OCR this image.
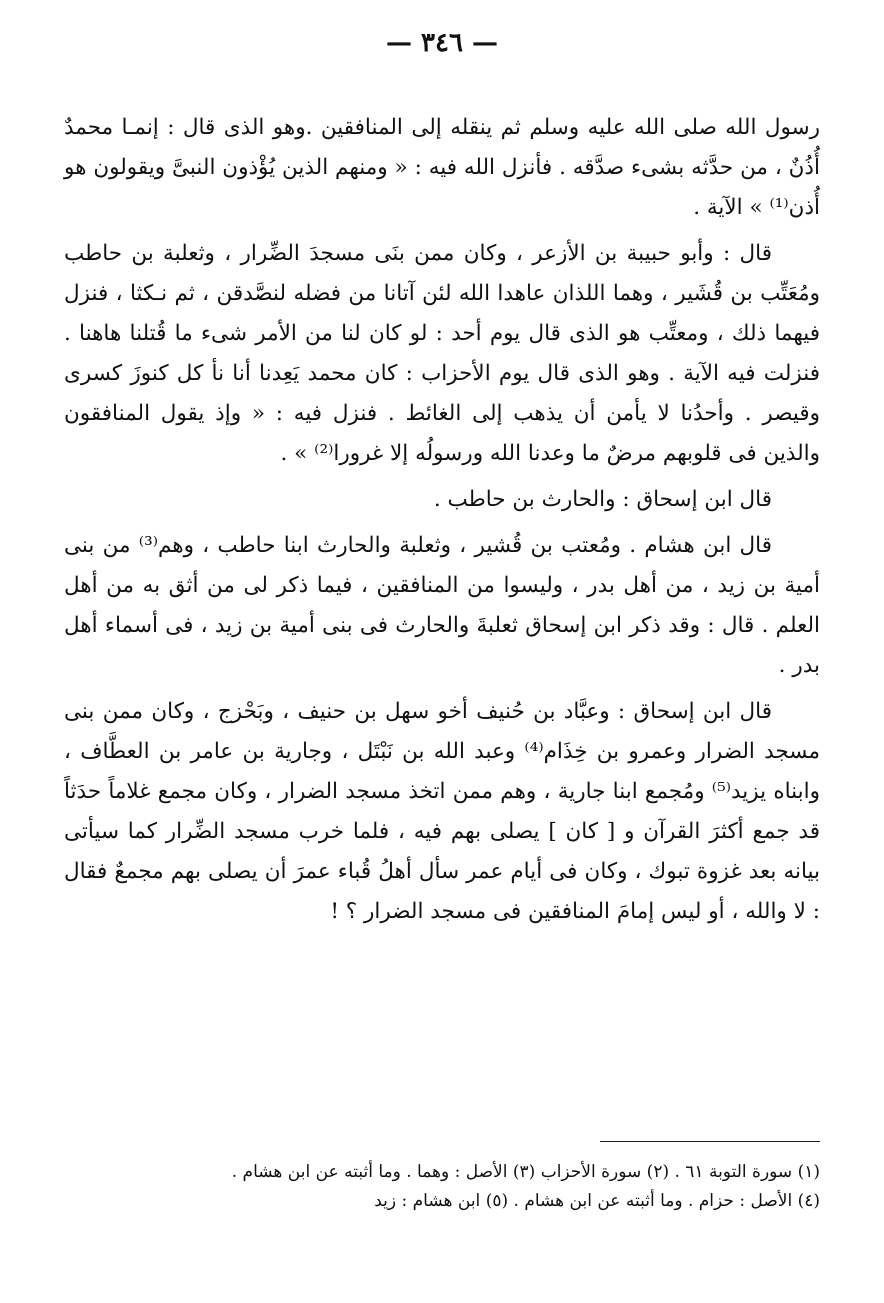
— ٣٤٦ —

رسول الله صلى الله عليه وسلم ثم ينقله إلى المنافقين .وهو الذى قال : إنمـا محمدٌ أُذُنٌ ، من حدَّثه بشىء صدَّقه . فأنزل الله فيه : « ومنهم الذين يُؤْذون النبىَّ ويقولون هو أُذن⁽¹⁾ » الآية .

قال : وأبو حبيبة بن الأزعر ، وكان ممن بنَى مسجدَ الضِّرار ، وثعلبة بن حاطب ومُعَتِّب بن قُشَير ، وهما اللذان عاهدا الله لئن آتانا من فضله لنصَّدقن ، ثم نـكثا ، فنزل فيهما ذلك ، ومعتِّب هو الذى قال يوم أحد : لو كان لنا من الأمر شىء ما قُتلنا هاهنا . فنزلت فيه الآية . وهو الذى قال يوم الأحزاب : كان محمد يَعِدنا أنا نأ كل كنوزَ كسرى وقيصر . وأحدُنا لا يأمن أن يذهب إلى الغائط . فنزل فيه : « وإذ يقول المنافقون والذين فى قلوبهم مرضٌ ما وعدنا الله ورسولُه إلا غرورا⁽²⁾ » .

قال ابن إسحاق : والحارث بن حاطب .

قال ابن هشام . ومُعتب بن قُشير ، وثعلبة والحارث ابنا حاطب ، وهم⁽³⁾ من بنى أمية بن زيد ، من أهل بدر ، وليسوا من المنافقين ، فيما ذكر لى من أثق به من أهل العلم . قال : وقد ذكر ابن إسحاق ثعلبةَ والحارث فى بنى أمية بن زيد ، فى أسماء أهل بدر .

قال ابن إسحاق : وعبَّاد بن حُنيف أخو سهل بن حنيف ، وبَحْزج ، وكان ممن بنى مسجد الضرار وعمرو بن خِذَام⁽⁴⁾ وعبد الله بن نَبْتَل ، وجارية بن عامر بن العطَّاف ، وابناه يزيد⁽⁵⁾ ومُجمع ابنا جارية ، وهم ممن اتخذ مسجد الضرار ، وكان مجمع غلاماً حدَثاً قد جمع أكثرَ القرآن و [ كان ] يصلى بهم فيه ، فلما خرب مسجد الضِّرار كما سيأتى بيانه بعد غزوة تبوك ، وكان فى أيام عمر سأل أهلُ قُباء عمرَ أن يصلى بهم مجمعٌ فقال : لا والله ، أو ليس إمامَ المنافقين فى مسجد الضرار ؟ !

(١) سورة التوبة ٦١ . (٢) سورة الأحزاب (٣) الأصل : وهما . وما أثبته عن ابن هشام .
(٤) الأصل : حزام . وما أثبته عن ابن هشام . (٥) ابن هشام : زيد
